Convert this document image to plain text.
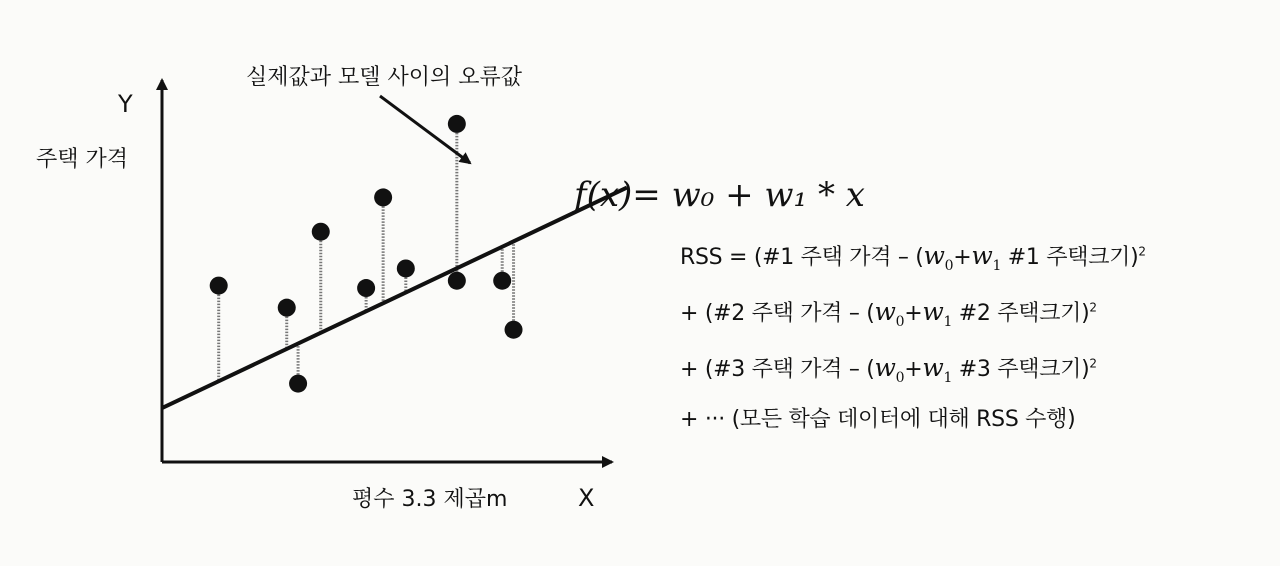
Y
주택 가격
X
평수 3.3 제곱m
실제값과 모델 사이의 오류값
f(x)= w₀ + w₁ * x
RSS = (#1 주택 가격 – ($w_0+w_1$ #1 주택크기)$^2$
+ (#2 주택 가격 – ($w_0+w_1$ #2 주택크기)$^2$
+ (#3 주택 가격 – ($w_0+w_1$ #3 주택크기)$^2$
+ ··· (모든 학습 데이터에 대해 RSS 수행)
